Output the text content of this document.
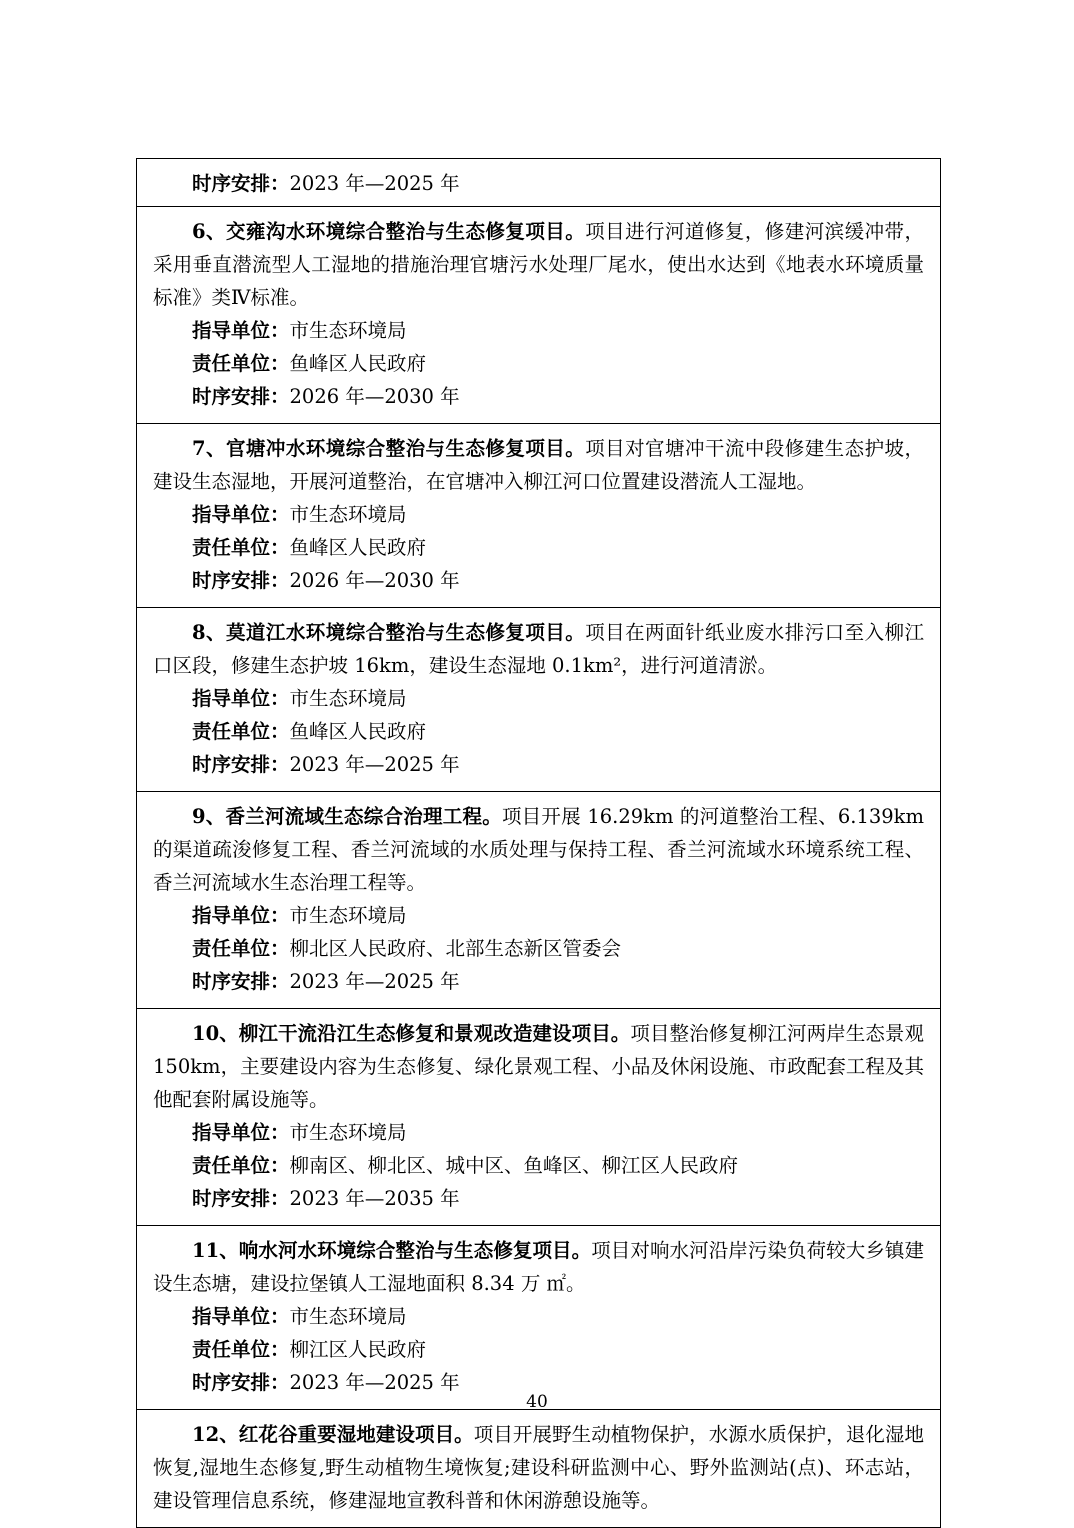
时序安排：2023 年—2025 年

6、交雍沟水环境综合整治与生态修复项目。项目进行河道修复，修建河滨缓冲带，采用垂直潜流型人工湿地的措施治理官塘污水处理厂尾水，使出水达到《地表水环境质量标准》类Ⅳ标准。

指导单位：市生态环境局

责任单位：鱼峰区人民政府

时序安排：2026 年—2030 年

7、官塘冲水环境综合整治与生态修复项目。项目对官塘冲干流中段修建生态护坡，建设生态湿地，开展河道整治，在官塘冲入柳江河口位置建设潜流人工湿地。

指导单位：市生态环境局

责任单位：鱼峰区人民政府

时序安排：2026 年—2030 年

8、莫道江水环境综合整治与生态修复项目。项目在两面针纸业废水排污口至入柳江口区段，修建生态护坡 16km，建设生态湿地 0.1km²，进行河道清淤。

指导单位：市生态环境局

责任单位：鱼峰区人民政府

时序安排：2023 年—2025 年

9、香兰河流域生态综合治理工程。项目开展 16.29km 的河道整治工程、6.139km 的渠道疏浚修复工程、香兰河流域的水质处理与保持工程、香兰河流域水环境系统工程、香兰河流域水生态治理工程等。

指导单位：市生态环境局

责任单位：柳北区人民政府、北部生态新区管委会

时序安排：2023 年—2025 年

10、柳江干流沿江生态修复和景观改造建设项目。项目整治修复柳江河两岸生态景观 150km，主要建设内容为生态修复、绿化景观工程、小品及休闲设施、市政配套工程及其他配套附属设施等。

指导单位：市生态环境局

责任单位：柳南区、柳北区、城中区、鱼峰区、柳江区人民政府

时序安排：2023 年—2035 年

11、响水河水环境综合整治与生态修复项目。项目对响水河沿岸污染负荷较大乡镇建设生态塘，建设拉堡镇人工湿地面积 8.34 万 ㎡。

指导单位：市生态环境局

责任单位：柳江区人民政府

时序安排：2023 年—2025 年

12、红花谷重要湿地建设项目。项目开展野生动植物保护，水源水质保护，退化湿地恢复,湿地生态修复,野生动植物生境恢复;建设科研监测中心、野外监测站(点)、环志站，建设管理信息系统，修建湿地宣教科普和休闲游憩设施等。

40
